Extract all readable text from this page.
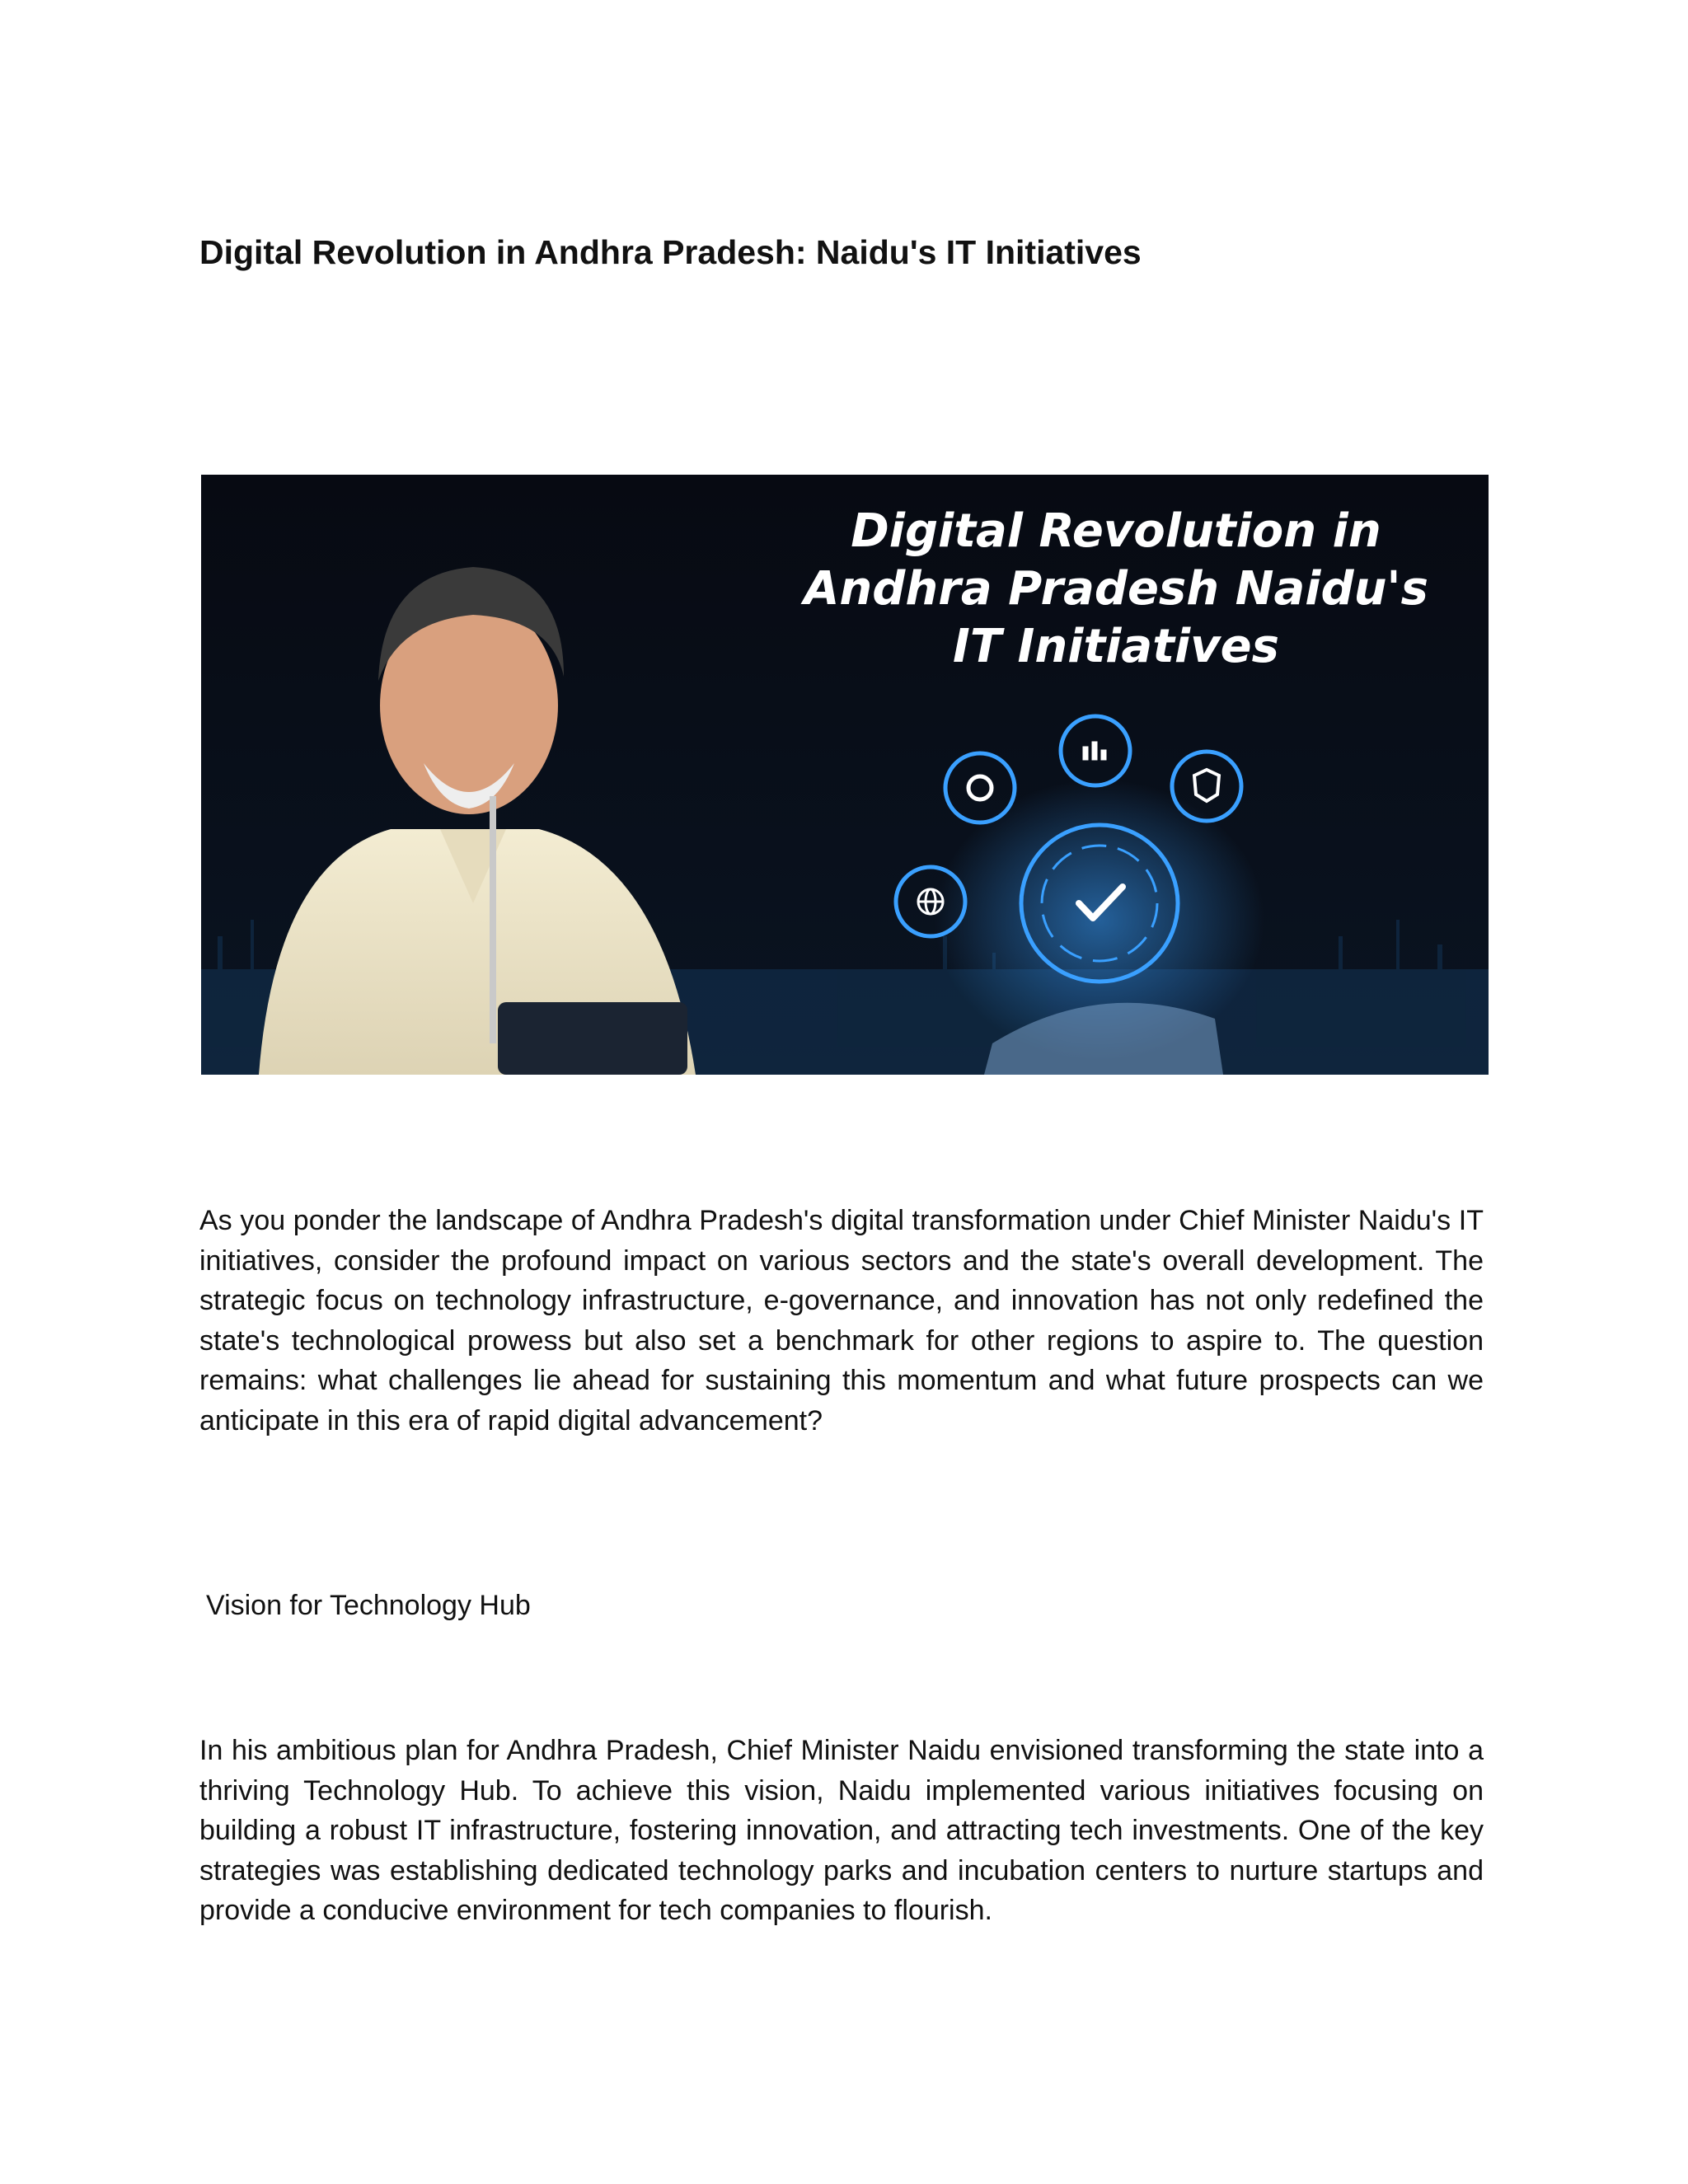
Digital Revolution in Andhra Pradesh: Naidu's IT Initiatives
Digital Revolution in
Andhra Pradesh Naidu's
IT Initiatives

As you ponder the landscape of Andhra Pradesh's digital transformation under Chief Minister Naidu's IT initiatives, consider the profound impact on various sectors and the state's overall development. The strategic focus on technology infrastructure, e-governance, and innovation has not only redefined the state's technological prowess but also set a benchmark for other regions to aspire to. The question remains: what challenges lie ahead for sustaining this momentum and what future prospects can we anticipate in this era of rapid digital advancement?

Vision for Technology Hub

In his ambitious plan for Andhra Pradesh, Chief Minister Naidu envisioned transforming the state into a thriving Technology Hub. To achieve this vision, Naidu implemented various initiatives focusing on building a robust IT infrastructure, fostering innovation, and attracting tech investments. One of the key strategies was establishing dedicated technology parks and incubation centers to nurture startups and provide a conducive environment for tech companies to flourish.
